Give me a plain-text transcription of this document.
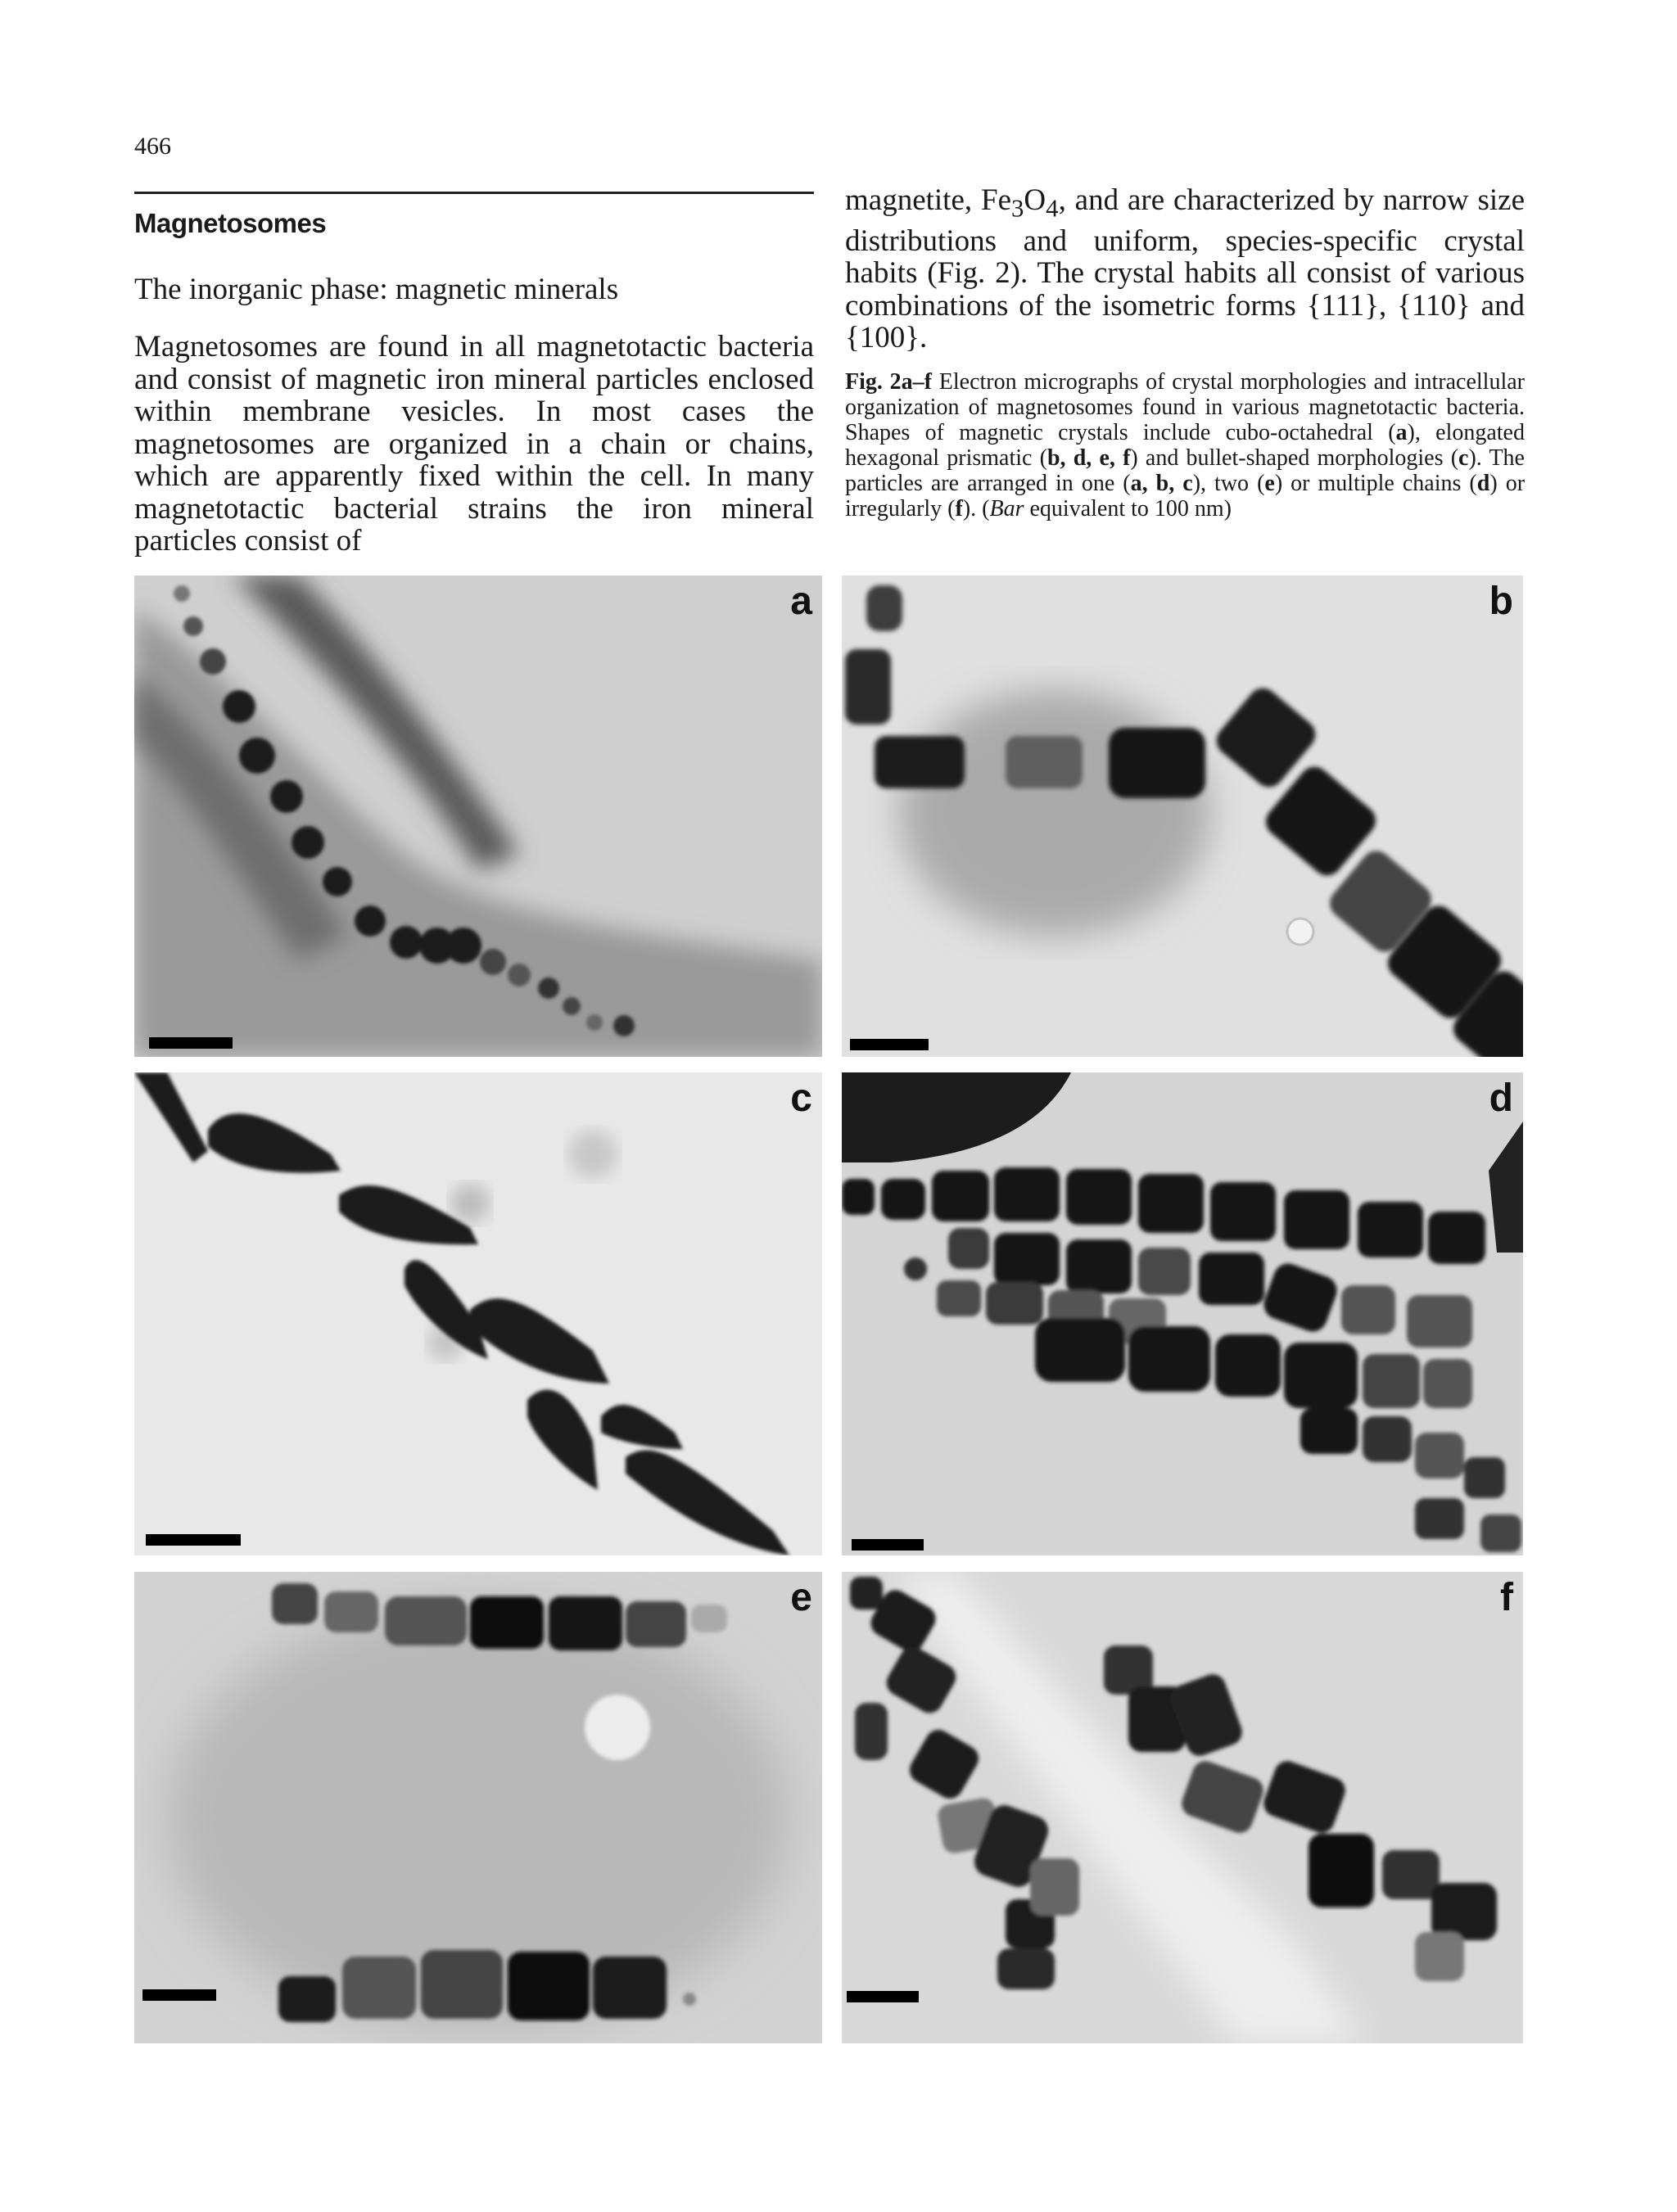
466
Magnetosomes
The inorganic phase: magnetic minerals

Magnetosomes are found in all magnetotactic bacteria and consist of magnetic iron mineral particles enclosed within membrane vesicles. In most cases the magnetosomes are organized in a chain or chains, which are apparently fixed within the cell. In many magnetotactic bacterial strains the iron mineral particles consist of

magnetite, $Fe_3O_4$, and are characterized by narrow size distributions and uniform, species-specific crystal habits (Fig. 2). The crystal habits all consist of various combinations of the isometric forms {111}, {110} and {100}.

Fig. 2a–f Electron micrographs of crystal morphologies and intracellular organization of magnetosomes found in various magnetotactic bacteria. Shapes of magnetic crystals include cubo-octahedral (a), elongated hexagonal prismatic (b, d, e, f) and bullet-shaped morphologies (c). The particles are arranged in one (a, b, c), two (e) or multiple chains (d) or irregularly (f). (Bar equivalent to 100 nm)

a	b
c	d
e	f
